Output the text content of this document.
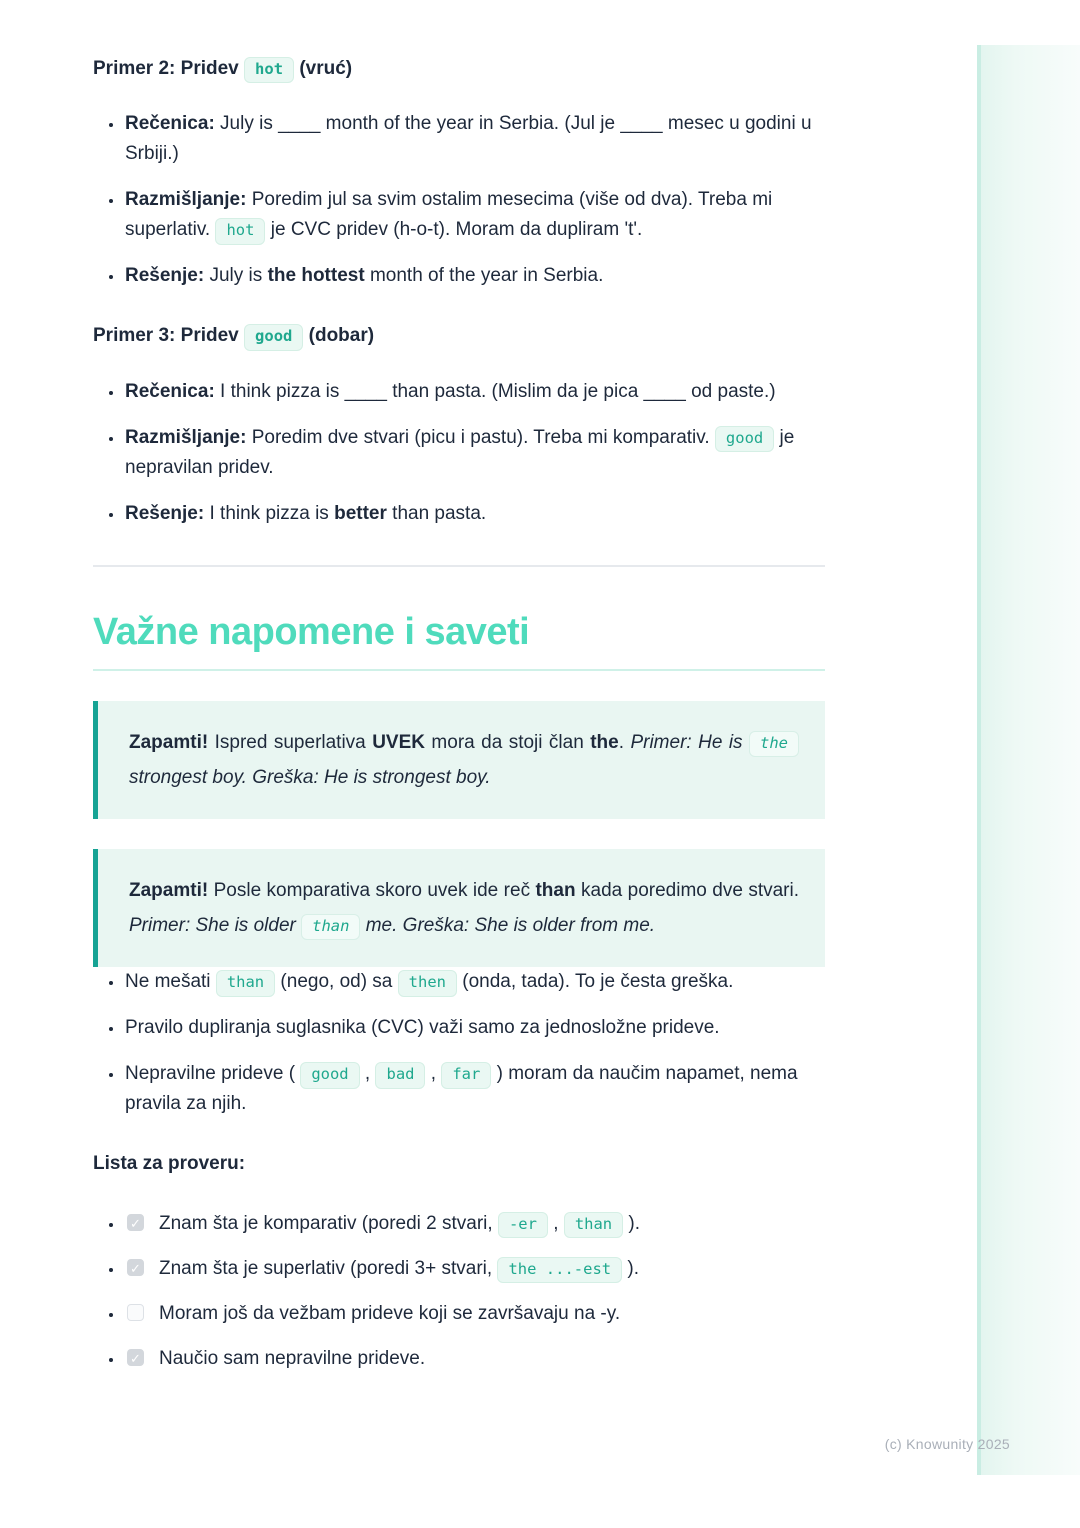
Primer 2: Pridev hot (vruć)
• Rečenica: July is ____ month of the year in Serbia. (Jul je ____ mesec u godini u Srbiji.)
• Razmišljanje: Poredim jul sa svim ostalim mesecima (više od dva). Treba mi superlativ. hot je CVC pridev (h-o-t). Moram da dupliram 't'.
• Rešenje: July is the hottest month of the year in Serbia.
Primer 3: Pridev good (dobar)
• Rečenica: I think pizza is ____ than pasta. (Mislim da je pica ____ od paste.)
• Razmišljanje: Poredim dve stvari (picu i pastu). Treba mi komparativ. good je nepravilan pridev.
• Rešenje: I think pizza is better than pasta.
Važne napomene i saveti

Zapamti! Ispred superlativa UVEK mora da stoji član the. Primer: He is the strongest boy. Greška: He is strongest boy.

Zapamti! Posle komparativa skoro uvek ide reč than kada poredimo dve stvari. Primer: She is older than me. Greška: She is older from me.

• Ne mešati than (nego, od) sa then (onda, tada). To je česta greška.
• Pravilo dupliranja suglasnika (CVC) važi samo za jednosložne prideve.
• Nepravilne prideve ( good , bad , far ) moram da naučim napamet, nema pravila za njih.
Lista za proveru:
✓• Znam šta je komparativ (poredi 2 stvari, -er , than ).
✓• Znam šta je superlativ (poredi 3+ stvari, the ...-est ).
• Moram još da vežbam prideve koji se završavaju na -y.
✓• Naučio sam nepravilne prideve.
(c) Knowunity 2025
